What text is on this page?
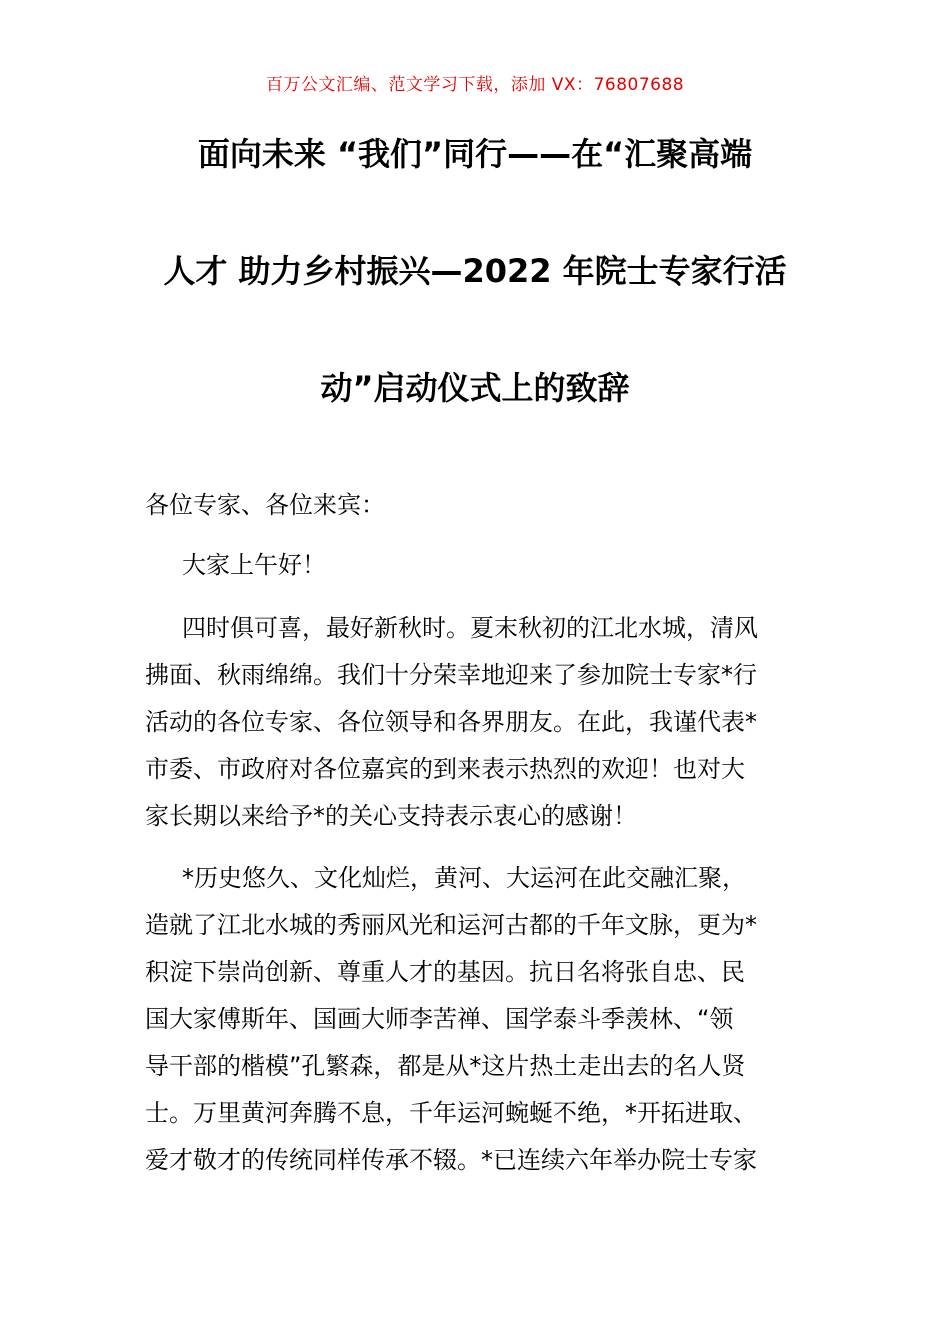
百万公文汇编、范文学习下载，添加 VX：76807688
面向未来 “我们”同行——在“汇聚高端
人才 助力乡村振兴—2022 年院士专家行活
动”启动仪式上的致辞
各位专家、各位来宾：
大家上午好！
四时俱可喜，最好新秋时。夏末秋初的江北水城，清风
拂面、秋雨绵绵。我们十分荣幸地迎来了参加院士专家*行
活动的各位专家、各位领导和各界朋友。在此，我谨代表*
市委、市政府对各位嘉宾的到来表示热烈的欢迎！也对大
家长期以来给予*的关心支持表示衷心的感谢！
*历史悠久、文化灿烂，黄河、大运河在此交融汇聚，
造就了江北水城的秀丽风光和运河古都的千年文脉，更为*
积淀下崇尚创新、尊重人才的基因。抗日名将张自忠、民
国大家傅斯年、国画大师李苦禅、国学泰斗季羡林、“领
导干部的楷模”孔繁森，都是从*这片热土走出去的名人贤
士。万里黄河奔腾不息，千年运河蜿蜒不绝，*开拓进取、
爱才敬才的传统同样传承不辍。*已连续六年举办院士专家
